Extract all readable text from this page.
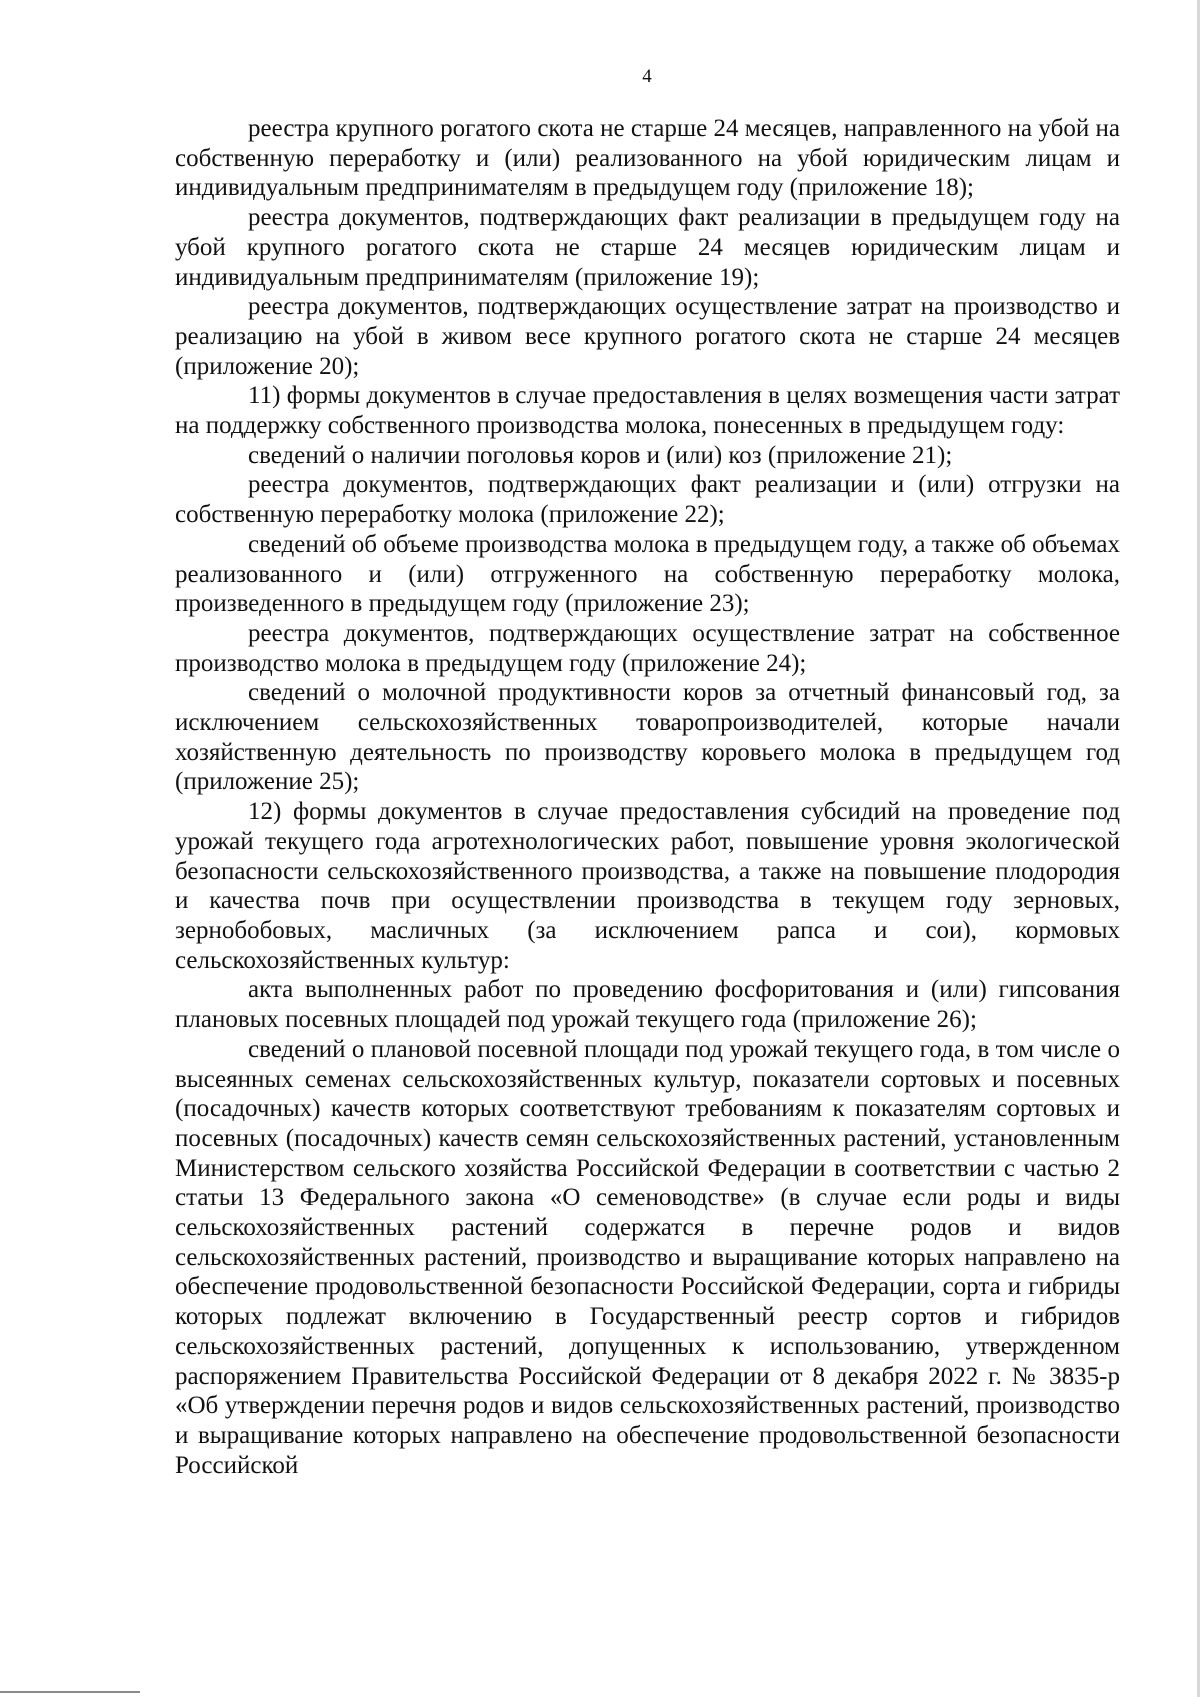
4

реестра крупного рогатого скота не старше 24 месяцев, направленного на убой на собственную переработку и (или) реализованного на убой юридическим лицам и индивидуальным предпринимателям в предыдущем году (приложение 18);

реестра документов, подтверждающих факт реализации в предыдущем году на убой крупного рогатого скота не старше 24 месяцев юридическим лицам и индивидуальным предпринимателям (приложение 19);

реестра документов, подтверждающих осуществление затрат на производство и реализацию на убой в живом весе крупного рогатого скота не старше 24 месяцев (приложение 20);

11) формы документов в случае предоставления в целях возмещения части затрат на поддержку собственного производства молока, понесенных в предыдущем году:

сведений о наличии поголовья коров и (или) коз (приложение 21);

реестра документов, подтверждающих факт реализации и (или) отгрузки на собственную переработку молока (приложение 22);

сведений об объеме производства молока в предыдущем году, а также об объемах реализованного и (или) отгруженного на собственную переработку молока, произведенного в предыдущем году (приложение 23);

реестра документов, подтверждающих осуществление затрат на собственное производство молока в предыдущем году (приложение 24);

сведений о молочной продуктивности коров за отчетный финансовый год, за исключением сельскохозяйственных товаропроизводителей, которые начали хозяйственную деятельность по производству коровьего молока в предыдущем год (приложение 25);

12) формы документов в случае предоставления субсидий на проведение под урожай текущего года агротехнологических работ, повышение уровня экологической безопасности сельскохозяйственного производства, а также на повышение плодородия и качества почв при осуществлении производства в текущем году зерновых, зернобобовых, масличных (за исключением рапса и сои), кормовых сельскохозяйственных культур:

акта выполненных работ по проведению фосфоритования и (или) гипсования плановых посевных площадей под урожай текущего года (приложение 26);

сведений о плановой посевной площади под урожай текущего года, в том числе о высеянных семенах сельскохозяйственных культур, показатели сортовых и посевных (посадочных) качеств которых соответствуют требованиям к показателям сортовых и посевных (посадочных) качеств семян сельскохозяйственных растений, установленным Министерством сельского хозяйства Российской Федерации в соответствии с частью 2 статьи 13 Федерального закона «О семеноводстве» (в случае если роды и виды сельскохозяйственных растений содержатся в перечне родов и видов сельскохозяйственных растений, производство и выращивание которых направлено на обеспечение продовольственной безопасности Российской Федерации, сорта и гибриды которых подлежат включению в Государственный реестр сортов и гибридов сельскохозяйственных растений, допущенных к использованию, утвержденном распоряжением Правительства Российской Федерации от 8 декабря 2022 г. № 3835-р «Об утверждении перечня родов и видов сельскохозяйственных растений, производство и выращивание которых направлено на обеспечение продовольственной безопасности Российской
